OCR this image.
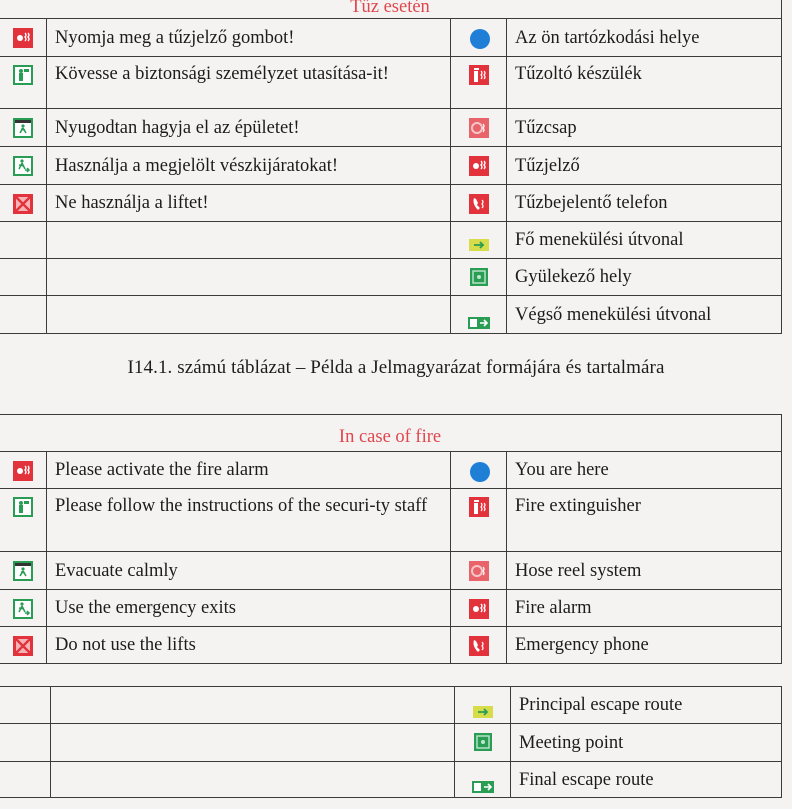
Tűz esetén			
	Nyomja meg a tűzjelző gombot!		Az ön tartózkodási helye
	Kövesse a biztonsági személyzet utasítása-it!		Tűzoltó készülék
	Nyugodtan hagyja el az épületet!		Tűzcsap
	Használja a megjelölt vészkijáratokat!		Tűzjelző
	Ne használja a liftet!		Tűzbejelentő telefon
			Fő menekülési útvonal
			Gyülekező hely
			Végső menekülési útvonal
I14.1. számú táblázat – Példa a Jelmagyarázat formájára és tartalmára
In case of fire			
	Please activate the fire alarm		You are here
	Please follow the instructions of the securi-ty staff		Fire extinguisher
	Evacuate calmly		Hose reel system
	Use the emergency exits		Fire alarm
	Do not use the lifts		Emergency phone
			Principal escape route
			Meeting point
			Final escape route
